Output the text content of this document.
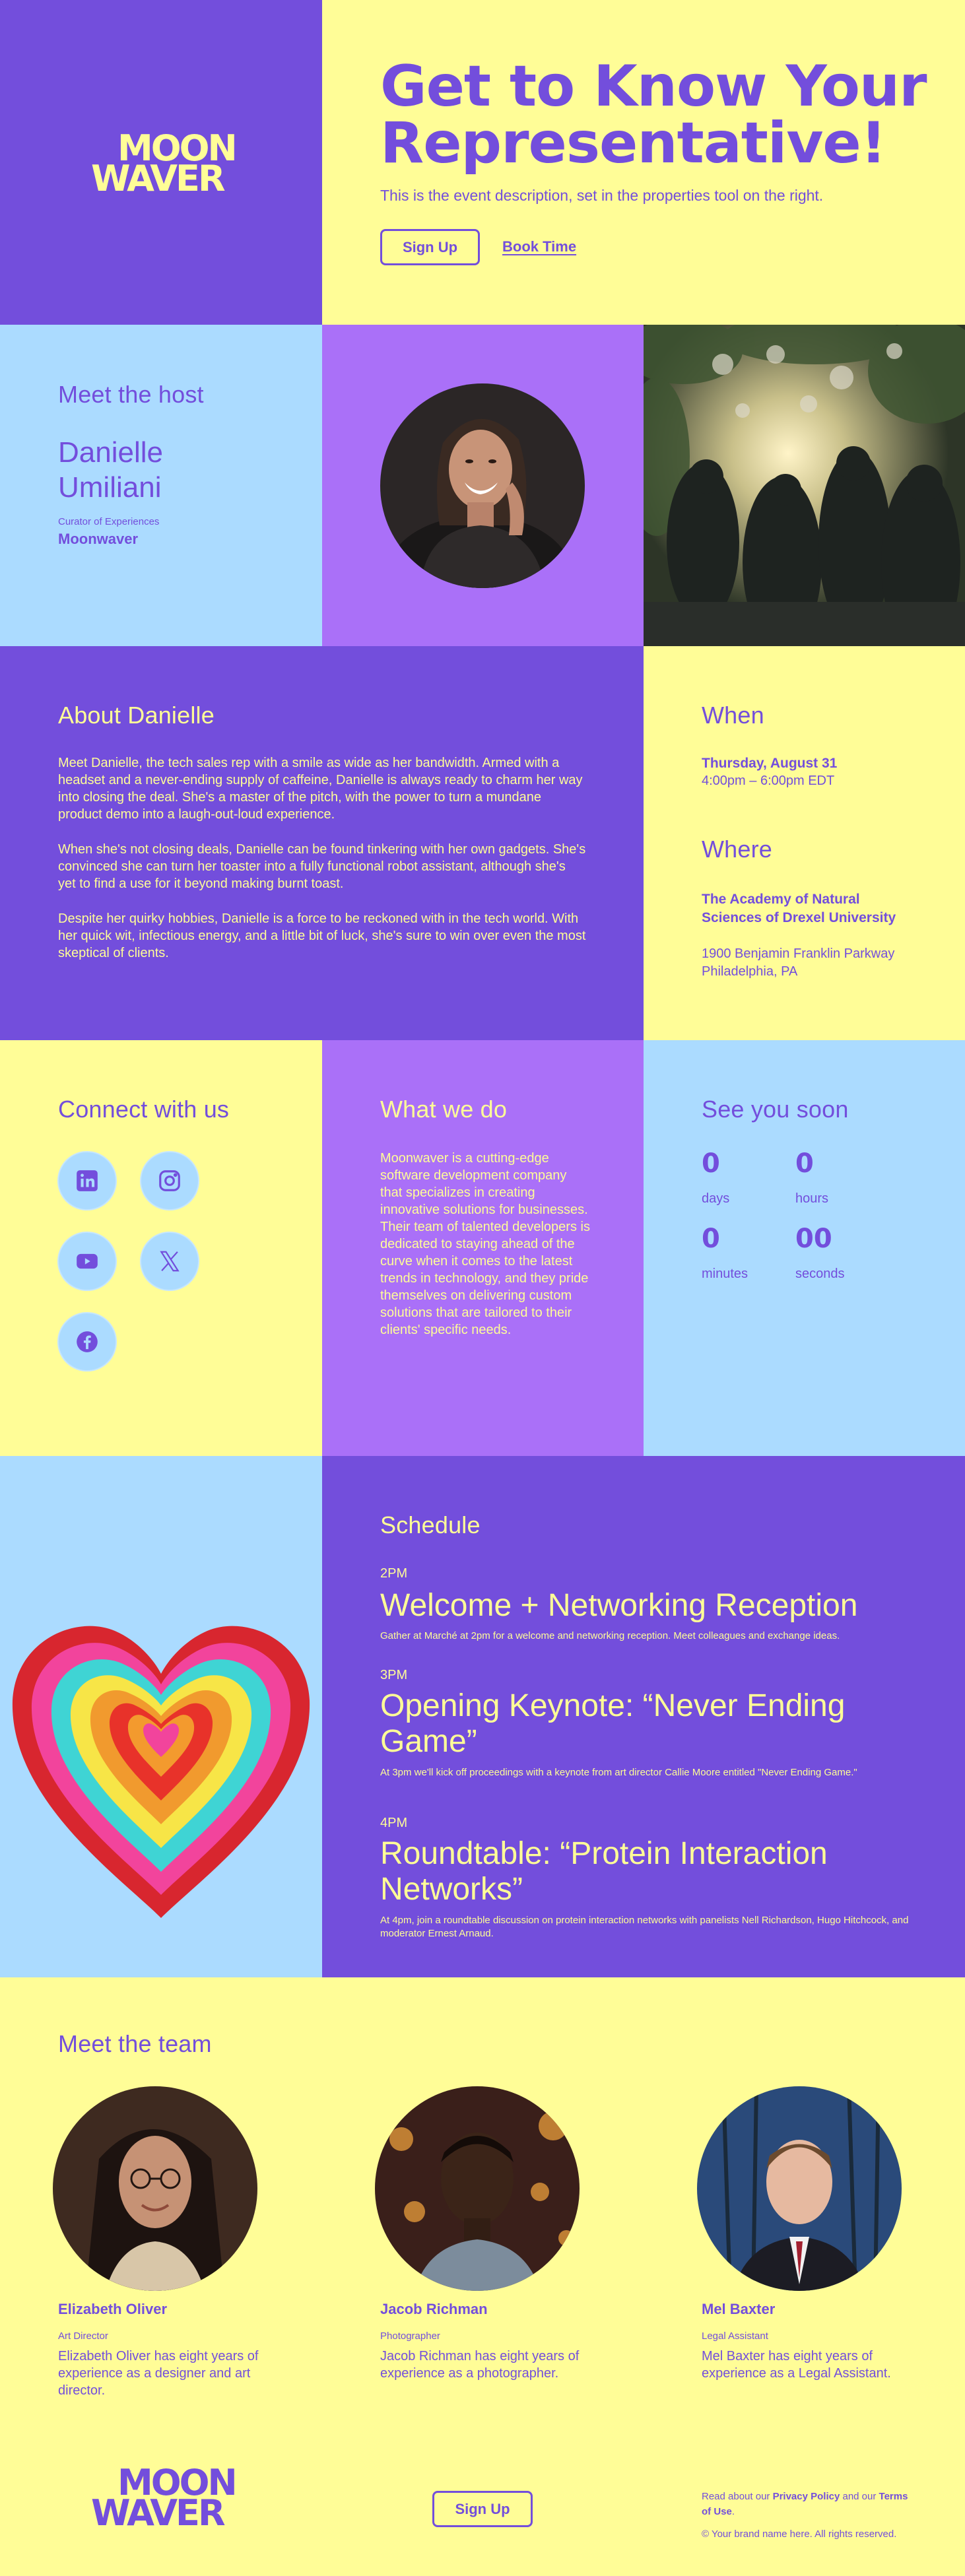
MOON
WAVER
Get to Know Your Representative!

This is the event description, set in the properties tool on the right.

Sign Up	Book Time
Meet the host
Danielle Umiliani
Curator of Experiences
Moonwaver
About Danielle

Meet Danielle, the tech sales rep with a smile as wide as her bandwidth. Armed with a headset and a never-ending supply of caffeine, Danielle is always ready to charm her way into closing the deal. She's a master of the pitch, with the power to turn a mundane product demo into a laugh-out-loud experience.

When she's not closing deals, Danielle can be found tinkering with her own gadgets. She's convinced she can turn her toaster into a fully functional robot assistant, although she's yet to find a use for it beyond making burnt toast.

Despite her quirky hobbies, Danielle is a force to be reckoned with in the tech world. With her quick wit, infectious energy, and a little bit of luck, she's sure to win over even the most skeptical of clients.

When
Thursday, August 31
4:00pm – 6:00pm EDT
Where
The Academy of Natural Sciences of Drexel University
1900 Benjamin Franklin Parkway
Philadelphia, PA
Connect with us	What we do

Moonwaver is a cutting-edge software development company that specializes in creating innovative solutions for businesses. Their team of talented developers is dedicated to staying ahead of the curve when it comes to the latest trends in technology, and they pride themselves on delivering custom solutions that are tailored to their clients' specific needs.

See you soon
0
days
0
hours
0
minutes
00
seconds
Schedule
2PM
Welcome + Networking Reception
Gather at Marché at 2pm for a welcome and networking reception. Meet colleagues and exchange ideas.
3PM
Opening Keynote: “Never Ending Game”
At 3pm we'll kick off proceedings with a keynote from art director Callie Moore entitled "Never Ending Game."
4PM
Roundtable: “Protein Interaction Networks”
At 4pm, join a roundtable discussion on protein interaction networks with panelists Nell Richardson, Hugo Hitchcock, and moderator Ernest Arnaud.
Meet the team
Elizabeth Oliver
Art Director
Elizabeth Oliver has eight years of experience as a designer and art director.
Jacob Richman
Photographer
Jacob Richman has eight years of experience as a photographer.
Mel Baxter
Legal Assistant
Mel Baxter has eight years of experience as a Legal Assistant.
MOON
WAVER	Sign Up
Read about our Privacy Policy and our Terms of Use.
© Your brand name here. All rights reserved.
